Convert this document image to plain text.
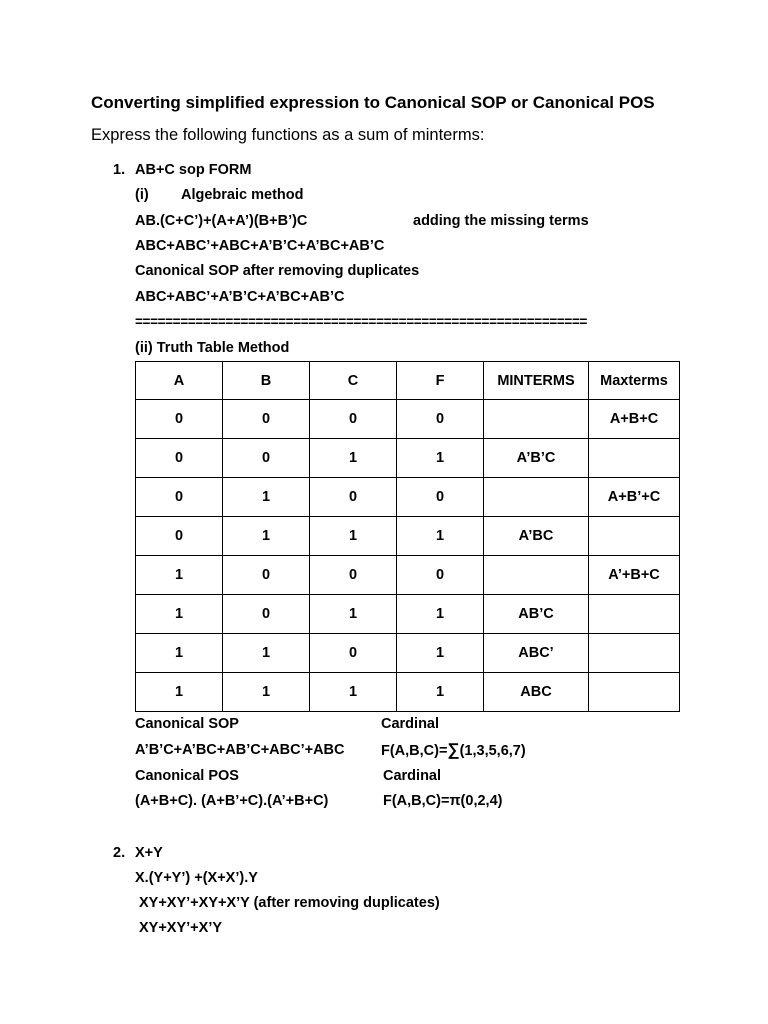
Converting simplified expression to Canonical SOP or Canonical POS
Express the following functions as a sum of minterms:
1. AB+C sop FORM
(i) Algebraic method
AB.(C+C’)+(A+A’)(B+B’)C	adding the missing terms
ABC+ABC’+ABC+A’B’C+A’BC+AB’C
Canonical SOP after removing duplicates
ABC+ABC’+A’B’C+A’BC+AB’C
============================================================
(ii) Truth Table Method
A	B	C	F	MINTERMS	Maxterms
0	0	0	0		A+B+C
0	0	1	1	A’B’C	
0	1	0	0		A+B’+C
0	1	1	1	A’BC	
1	0	0	0		A’+B+C
1	0	1	1	AB’C	
1	1	0	1	ABC’	
1	1	1	1	ABC	
Canonical SOP	Cardinal
A’B’C+A’BC+AB’C+ABC’+ABC	F(A,B,C)=∑(1,3,5,6,7)
Canonical POS	Cardinal
(A+B+C). (A+B’+C).(A’+B+C)	F(A,B,C)=π(0,2,4)
2. X+Y
X.(Y+Y’) +(X+X’).Y
XY+XY’+XY+X’Y (after removing duplicates)
XY+XY’+X’Y
